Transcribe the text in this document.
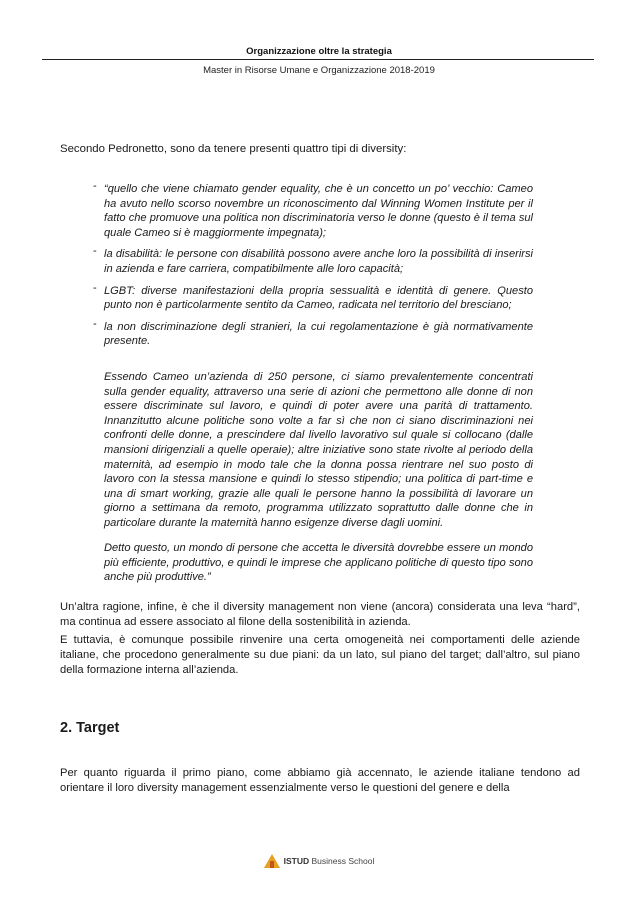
Organizzazione oltre la strategia
Master in Risorse Umane e Organizzazione 2018-2019
Secondo Pedronetto, sono da tenere presenti quattro tipi di diversity:
- “quello che viene chiamato gender equality, che è un concetto un po’ vecchio: Cameo ha avuto nello scorso novembre un riconoscimento dal Winning Women Institute per il fatto che promuove una politica non discriminatoria verso le donne (questo è il tema sul quale Cameo si è maggiormente impegnata);
- la disabilità: le persone con disabilità possono avere anche loro la possibilità di inserirsi in azienda e fare carriera, compatibilmente alle loro capacità;
- LGBT: diverse manifestazioni della propria sessualità e identità di genere. Questo punto non è particolarmente sentito da Cameo, radicata nel territorio del bresciano;
- la non discriminazione degli stranieri, la cui regolamentazione è già normativamente presente.

Essendo Cameo un’azienda di 250 persone, ci siamo prevalentemente concentrati sulla gender equality, attraverso una serie di azioni che permettono alle donne di non essere discriminate sul lavoro, e quindi di poter avere una parità di trattamento. Innanzitutto alcune politiche sono volte a far sì che non ci siano discriminazioni nei confronti delle donne, a prescindere dal livello lavorativo sul quale si collocano (dalle mansioni dirigenziali a quelle operaie); altre iniziative sono state rivolte al periodo della maternità, ad esempio in modo tale che la donna possa rientrare nel suo posto di lavoro con la stessa mansione e quindi lo stesso stipendio; una politica di part-time e una di smart working, grazie alle quali le persone hanno la possibilità di lavorare un giorno a settimana da remoto, programma utilizzato soprattutto dalle donne che in particolare durante la maternità hanno esigenze diverse dagli uomini.

Detto questo, un mondo di persone che accetta le diversità dovrebbe essere un mondo più efficiente, produttivo, e quindi le imprese che applicano politiche di questo tipo sono anche più produttive.”

Un’altra ragione, infine, è che il diversity management non viene (ancora) considerata una leva “hard”, ma continua ad essere associato al filone della sostenibilità in azienda.

E tuttavia, è comunque possibile rinvenire una certa omogeneità nei comportamenti delle aziende italiane, che procedono generalmente su due piani: da un lato, sul piano del target; dall’altro, sul piano della formazione interna all’azienda.

2. Target

Per quanto riguarda il primo piano, come abbiamo già accennato, le aziende italiane tendono ad orientare il loro diversity management essenzialmente verso le questioni del genere e della

ISTUD Business School
